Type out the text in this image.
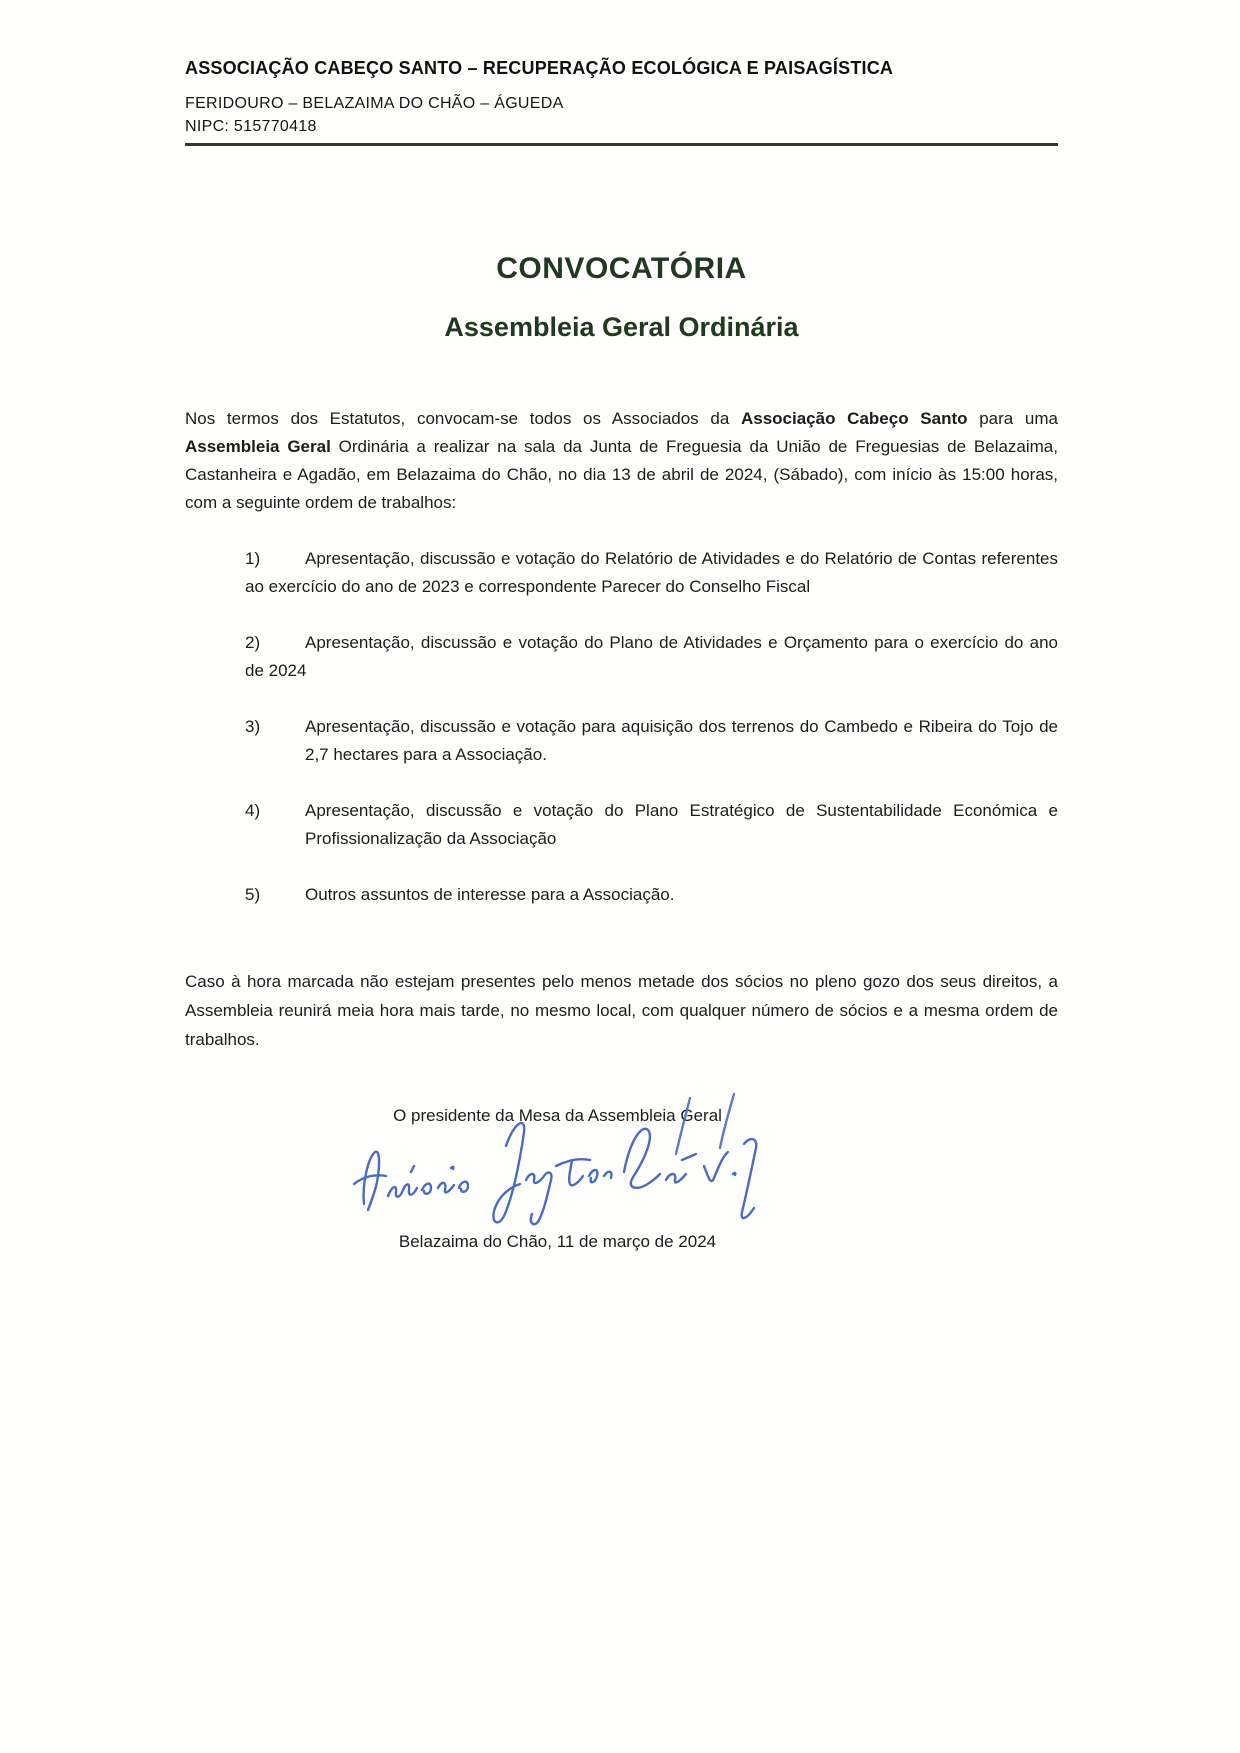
ASSOCIAÇÃO CABEÇO SANTO – RECUPERAÇÃO ECOLÓGICA E PAISAGÍSTICA
FERIDOURO – BELAZAIMA DO CHÃO – ÁGUEDA
NIPC: 515770418
CONVOCATÓRIA
Assembleia Geral Ordinária

Nos termos dos Estatutos, convocam-se todos os Associados da Associação Cabeço Santo para uma Assembleia Geral Ordinária a realizar na sala da Junta de Freguesia da União de Freguesias de Belazaima, Castanheira e Agadão, em Belazaima do Chão, no dia 13 de abril de 2024, (Sábado), com início às 15:00 horas, com a seguinte ordem de trabalhos:

1)	Apresentação, discussão e votação do Relatório de Atividades e do Relatório de Contas referentes ao exercício do ano de 2023 e correspondente Parecer do Conselho Fiscal
2)	Apresentação, discussão e votação do Plano de Atividades e Orçamento para o exercício do ano de 2024
3)	Apresentação, discussão e votação para aquisição dos terrenos do Cambedo e Ribeira do Tojo de 2,7 hectares para a Associação.
4)	Apresentação, discussão e votação do Plano Estratégico de Sustentabilidade Económica e Profissionalização da Associação
5)	Outros assuntos de interesse para a Associação.

Caso à hora marcada não estejam presentes pelo menos metade dos sócios no pleno gozo dos seus direitos, a Assembleia reunirá meia hora mais tarde, no mesmo local, com qualquer número de sócios e a mesma ordem de trabalhos.

O presidente da Mesa da Assembleia Geral
Belazaima do Chão, 11 de março de 2024
